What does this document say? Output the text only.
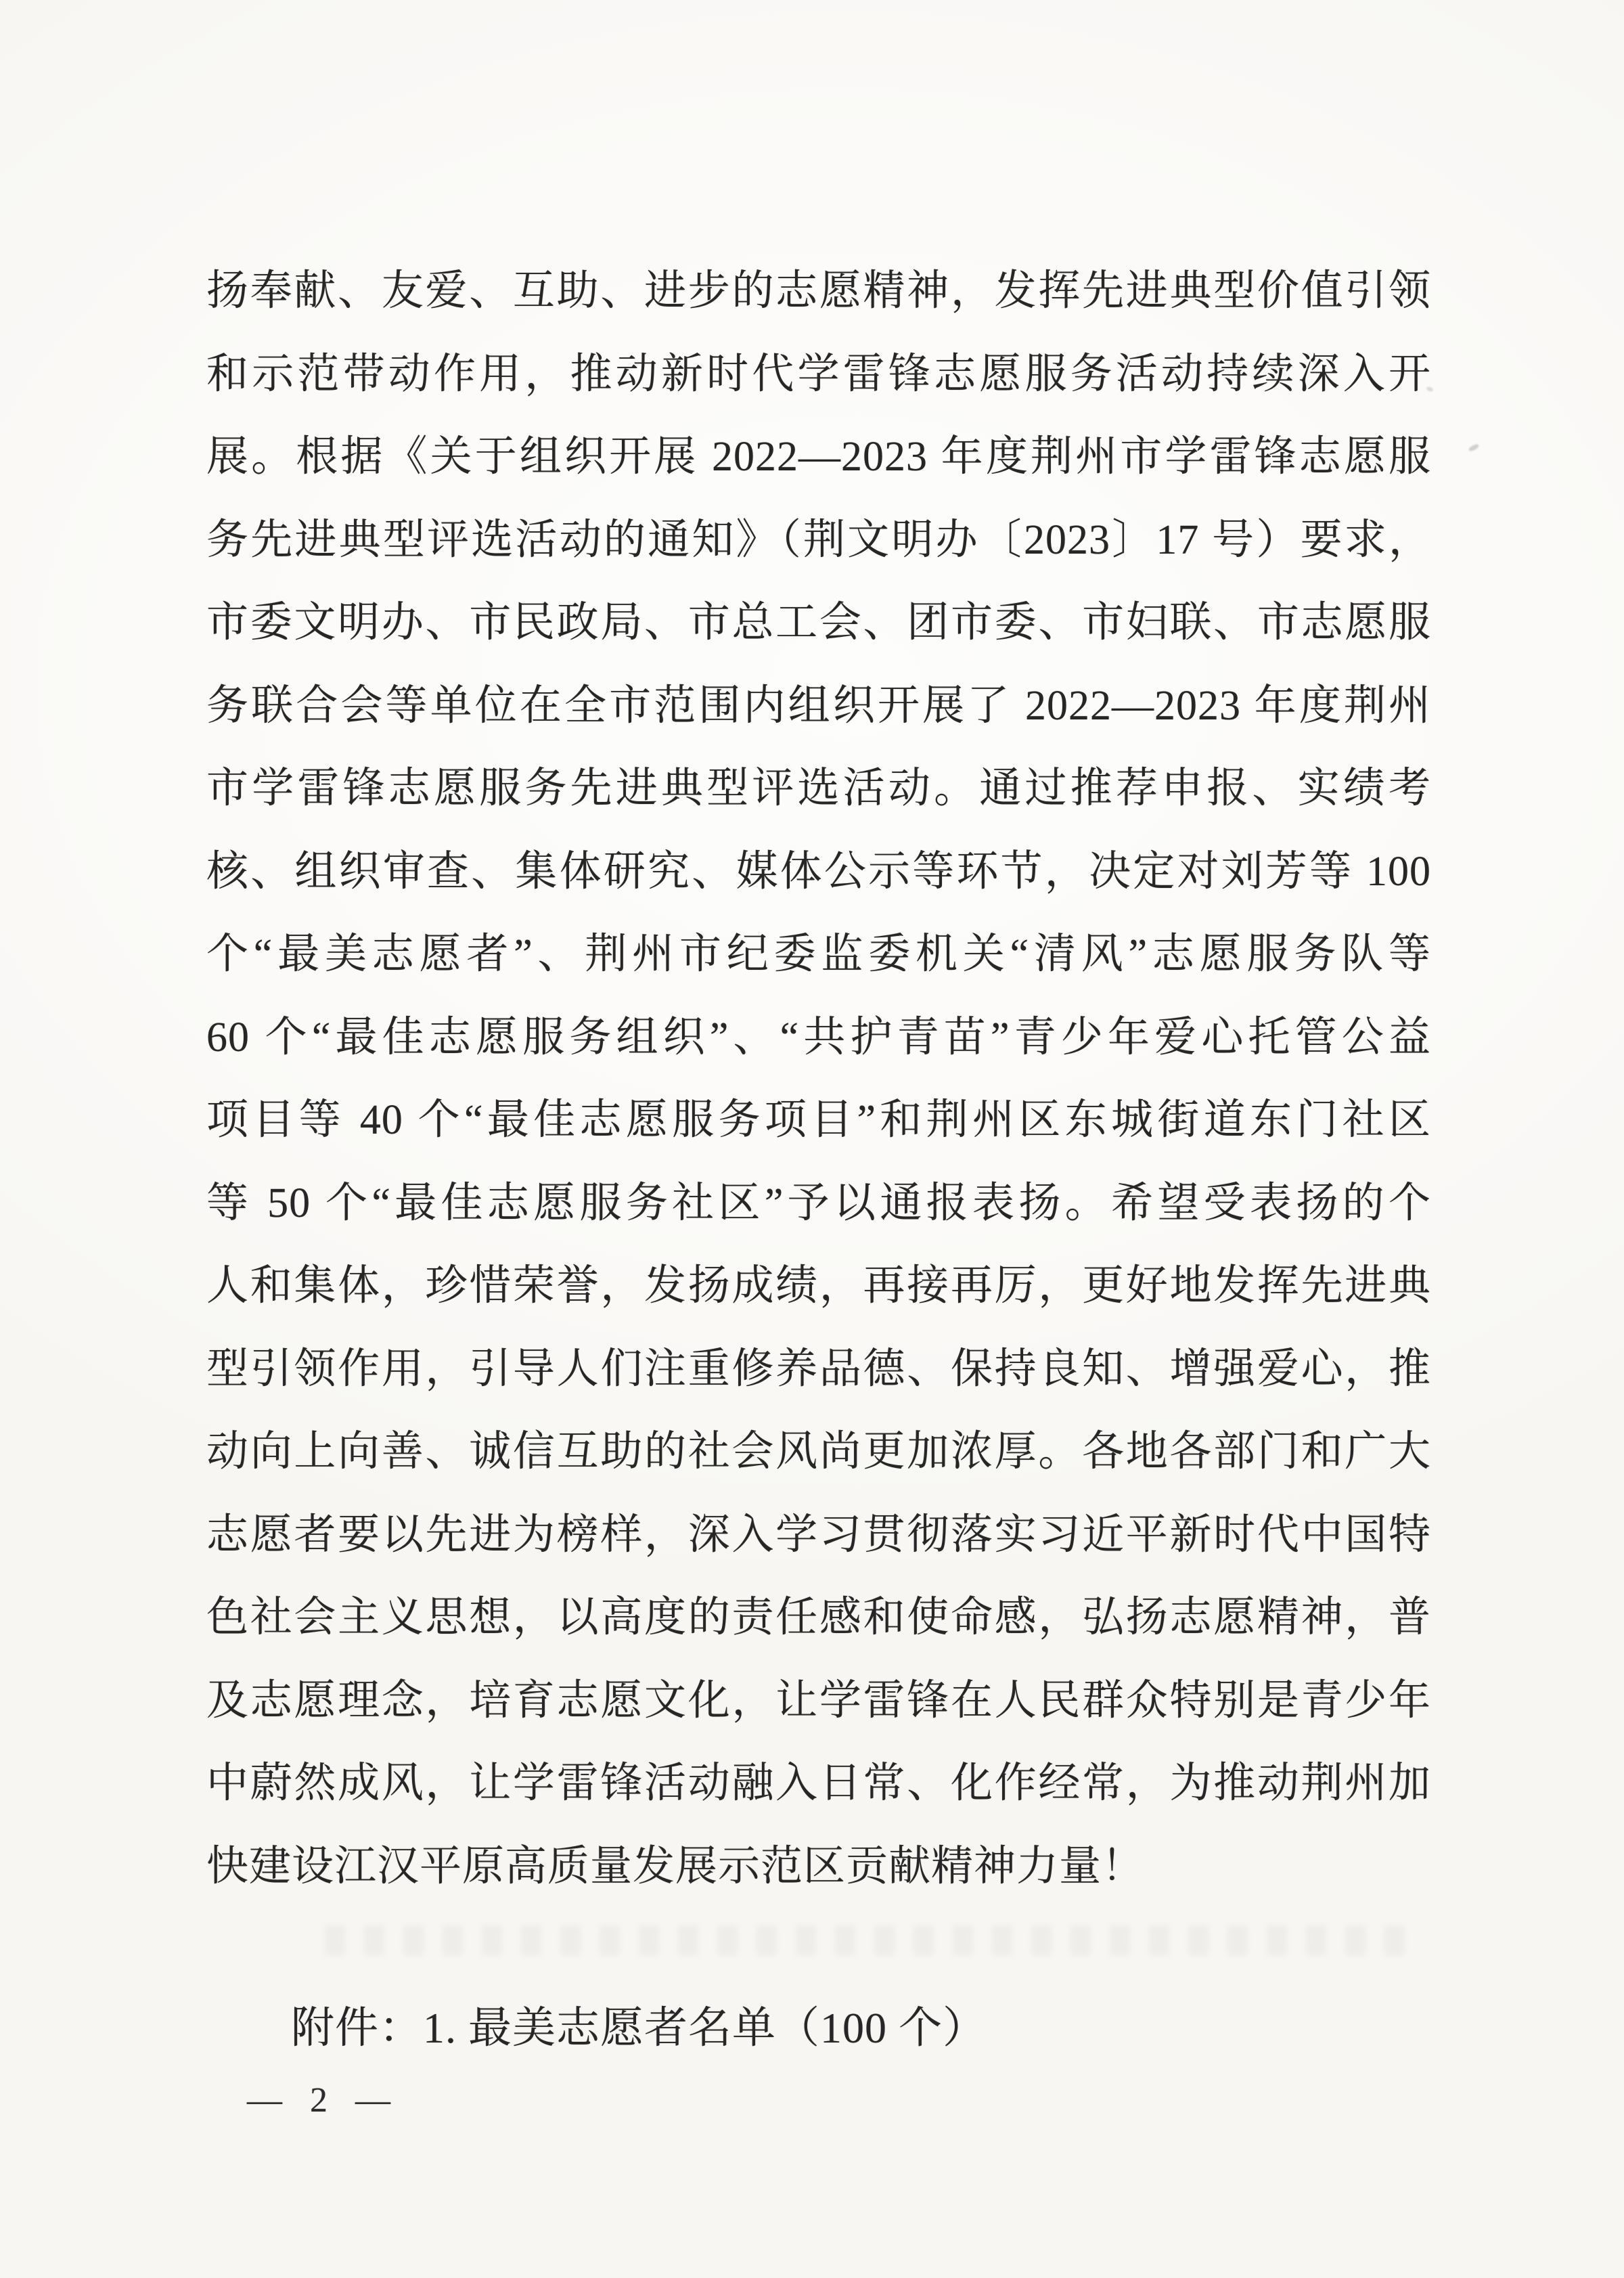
扬奉献、友爱、互助、进步的志愿精神，发挥先进典型价值引领
和示范带动作用，推动新时代学雷锋志愿服务活动持续深入开
展。根据《关于组织开展 2022—2023 年度荆州市学雷锋志愿服
务先进典型评选活动的通知》（荆文明办〔2023〕17 号）要求，
市委文明办、市民政局、市总工会、团市委、市妇联、市志愿服
务联合会等单位在全市范围内组织开展了 2022—2023 年度荆州
市学雷锋志愿服务先进典型评选活动。通过推荐申报、实绩考
核、组织审查、集体研究、媒体公示等环节，决定对刘芳等 100
个“最美志愿者”、荆州市纪委监委机关“清风”志愿服务队等
60 个“最佳志愿服务组织”、“共护青苗”青少年爱心托管公益
项目等 40 个“最佳志愿服务项目”和荆州区东城街道东门社区
等 50 个“最佳志愿服务社区”予以通报表扬。希望受表扬的个
人和集体，珍惜荣誉，发扬成绩，再接再厉，更好地发挥先进典
型引领作用，引导人们注重修养品德、保持良知、增强爱心，推
动向上向善、诚信互助的社会风尚更加浓厚。各地各部门和广大
志愿者要以先进为榜样，深入学习贯彻落实习近平新时代中国特
色社会主义思想，以高度的责任感和使命感，弘扬志愿精神，普
及志愿理念，培育志愿文化，让学雷锋在人民群众特别是青少年
中蔚然成风，让学雷锋活动融入日常、化作经常，为推动荆州加
快建设江汉平原高质量发展示范区贡献精神力量！
附件：1. 最美志愿者名单（100 个）
— 2 —
